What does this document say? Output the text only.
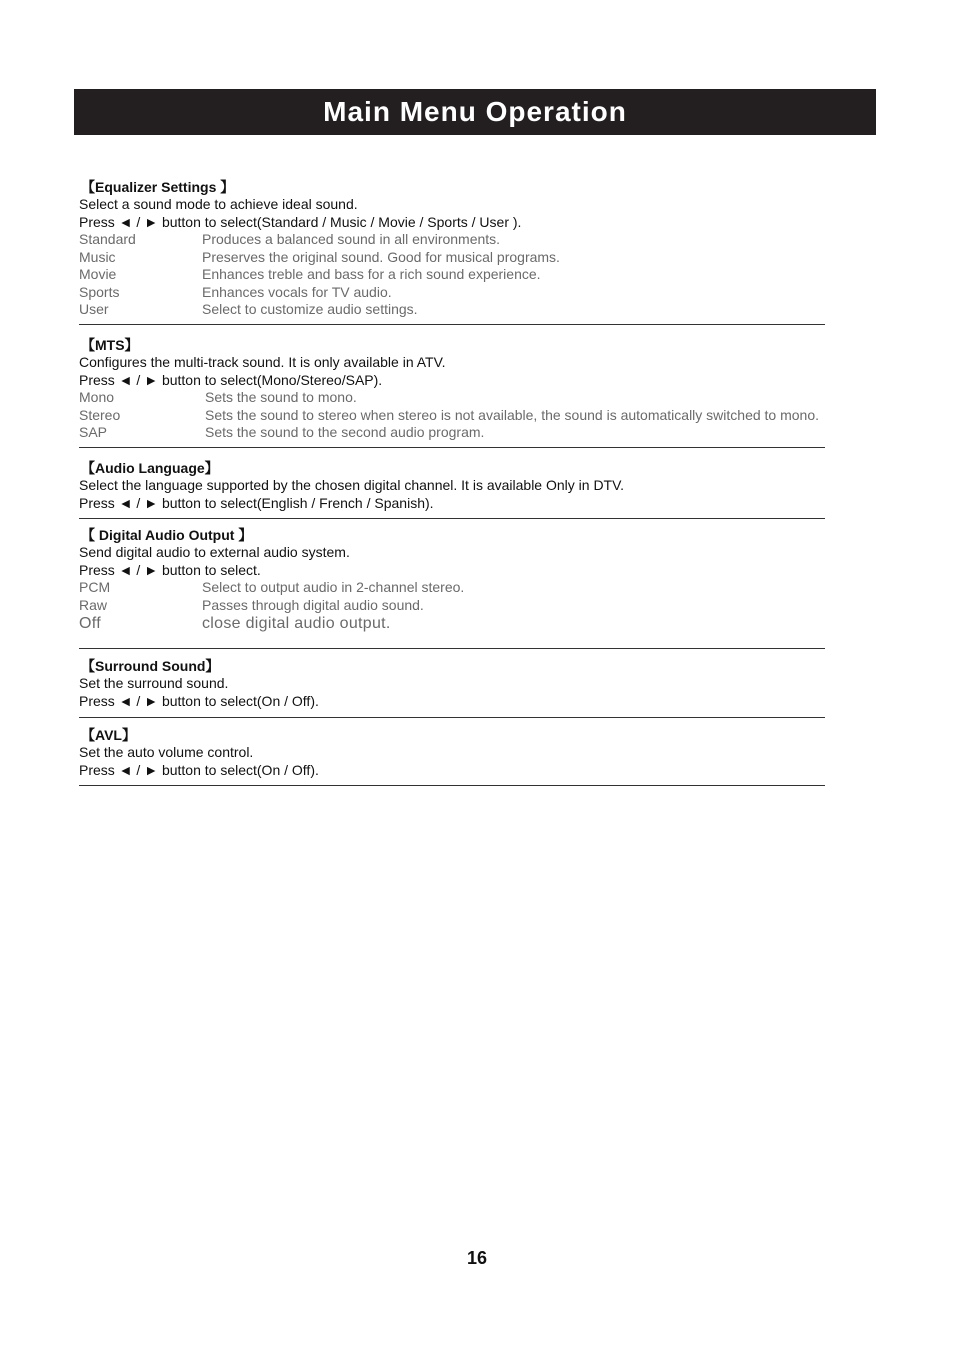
Main Menu Operation
【Equalizer Settings 】
Select a sound mode to achieve ideal sound.
Press ◄ / ► button to select(Standard / Music / Movie / Sports / User ).
Standard	Produces a balanced sound in all environments.
Music	Preserves the original sound. Good for musical programs.
Movie	Enhances treble and bass for a rich sound experience.
Sports	Enhances vocals for TV audio.
User	Select to customize audio settings.
【MTS】
Configures the multi-track sound. It is only available in ATV.
Press ◄ / ► button to select(Mono/Stereo/SAP).
Mono	Sets the sound to mono.
Stereo	Sets the sound to stereo when stereo is not available, the sound is automatically switched to mono.
SAP	Sets the sound to the second audio program.
【Audio Language】
Select the language supported by the chosen digital channel. It is available Only in DTV.
Press ◄ / ► button to select(English / French / Spanish).
【 Digital Audio Output 】
Send digital audio to external audio system.
Press ◄ / ► button to select.
PCM	Select to output audio in 2-channel stereo.
Raw	Passes through digital audio sound.
Off	close digital audio output.
【Surround Sound】
Set the surround sound.
Press ◄ / ► button to select(On / Off).
【AVL】
Set the auto volume control.
Press ◄ / ► button to select(On / Off).
16
